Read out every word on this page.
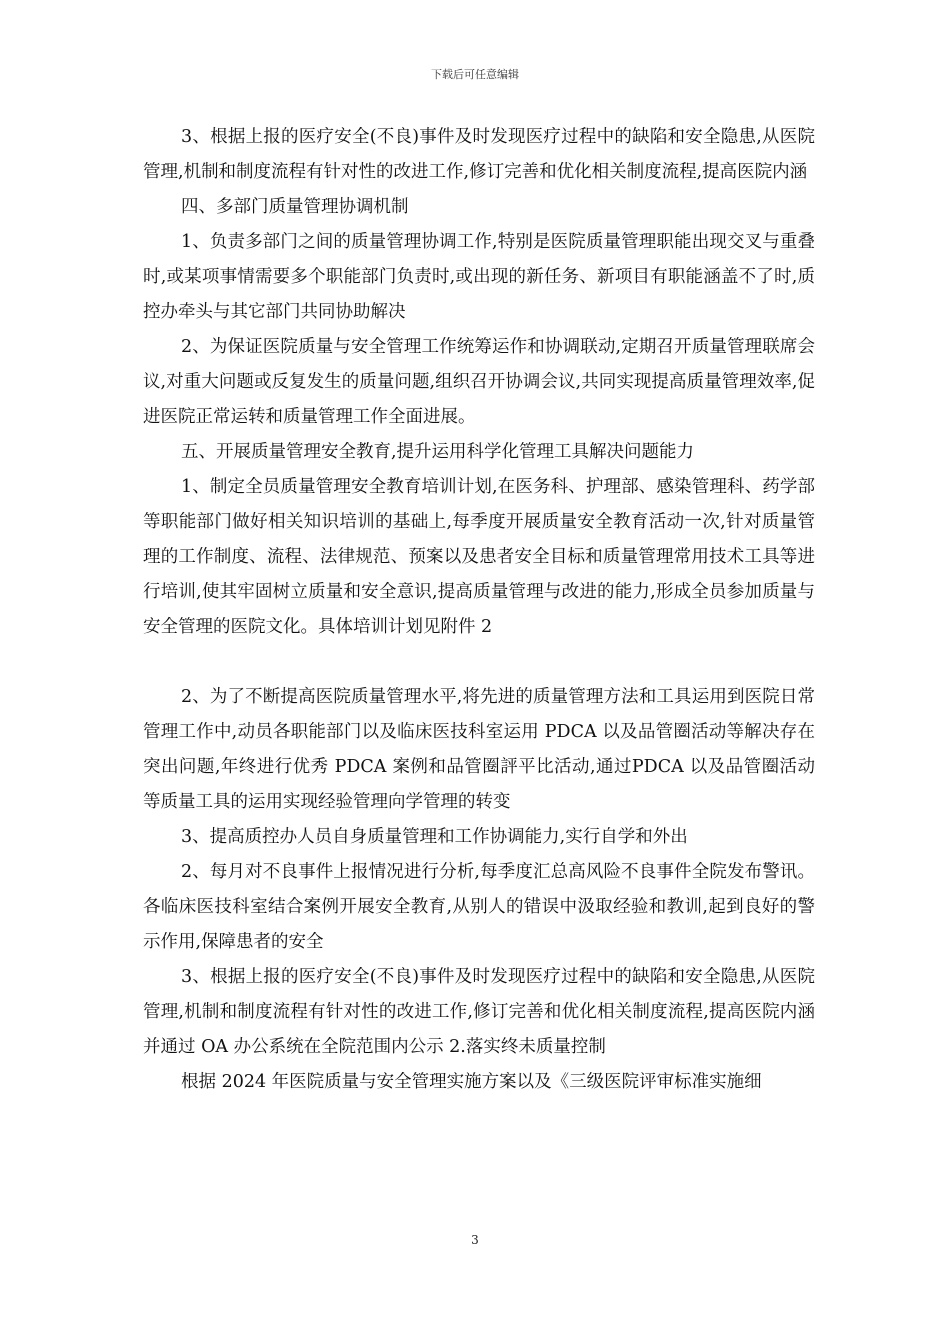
下载后可任意编辑

3、根据上报的医疗安全(不良)事件及时发现医疗过程中的缺陷和安全隐患,从医院管理,机制和制度流程有针对性的改进工作,修订完善和优化相关制度流程,提高医院内涵

四、多部门质量管理协调机制

1、负责多部门之间的质量管理协调工作,特别是医院质量管理职能出现交叉与重叠时,或某项事情需要多个职能部门负责时,或出现的新任务、新项目有职能涵盖不了时,质控办牵头与其它部门共同协助解决

2、为保证医院质量与安全管理工作统筹运作和协调联动,定期召开质量管理联席会议,对重大问题或反复发生的质量问题,组织召开协调会议,共同实现提高质量管理效率,促进医院正常运转和质量管理工作全面进展。

五、开展质量管理安全教育,提升运用科学化管理工具解决问题能力

1、制定全员质量管理安全教育培训计划,在医务科、护理部、感染管理科、药学部等职能部门做好相关知识培训的基础上,每季度开展质量安全教育活动一次,针对质量管理的工作制度、流程、法律规范、预案以及患者安全目标和质量管理常用技术工具等进行培训,使其牢固树立质量和安全意识,提高质量管理与改进的能力,形成全员参加质量与安全管理的医院文化。具体培训计划见附件 2

2、为了不断提高医院质量管理水平,将先进的质量管理方法和工具运用到医院日常管理工作中,动员各职能部门以及临床医技科室运用 PDCA 以及品管圈活动等解决存在突出问题,年终进行优秀 PDCA 案例和品管圈評平比活动,通过PDCA 以及品管圈活动等质量工具的运用实现经验管理向学管理的转变

3、提高质控办人员自身质量管理和工作协调能力,实行自学和外出

2、每月对不良事件上报情况进行分析,每季度汇总高风险不良事件全院发布警讯。各临床医技科室结合案例开展安全教育,从别人的错误中汲取经验和教训,起到良好的警示作用,保障患者的安全

3、根据上报的医疗安全(不良)事件及时发现医疗过程中的缺陷和安全隐患,从医院管理,机制和制度流程有针对性的改进工作,修订完善和优化相关制度流程,提高医院内涵并通过 OA 办公系统在全院范围内公示 2.落实终未质量控制

根据 2024 年医院质量与安全管理实施方案以及《三级医院评审标准实施细

3
